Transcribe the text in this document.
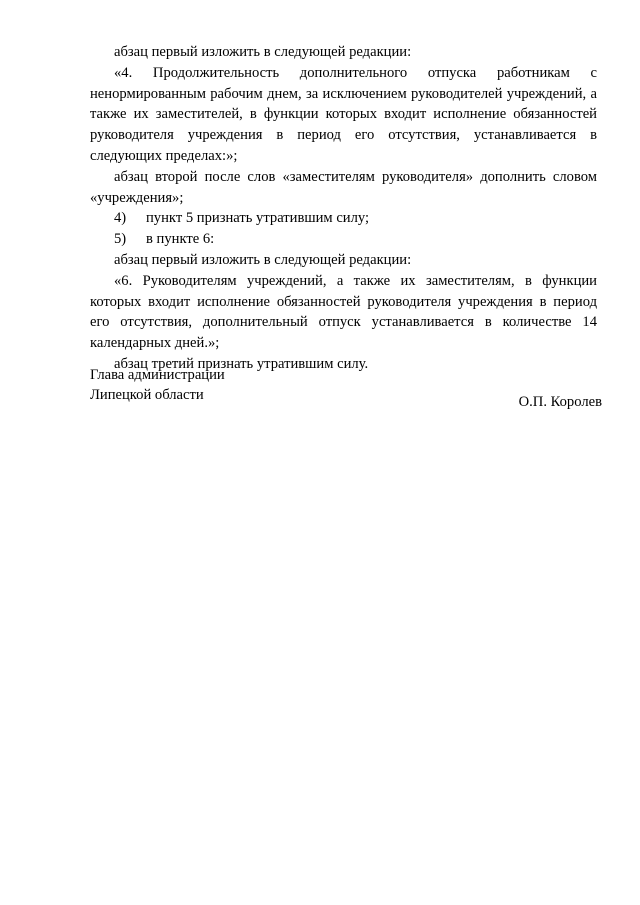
абзац первый изложить в следующей редакции:

«4. Продолжительность дополнительного отпуска работникам с ненормированным рабочим днем, за исключением руководителей учреждений, а также их заместителей, в функции которых входит исполнение обязанностей руководителя учреждения в период его отсутствия, устанавливается в следующих пределах:»;

абзац второй после слов «заместителям руководителя» дополнить словом «учреждения»;

4) пункт 5 признать утратившим силу;
5) в пункте 6:

абзац первый изложить в следующей редакции:

«6. Руководителям учреждений, а также их заместителям, в функции которых входит исполнение обязанностей руководителя учреждения в период его отсутствия, дополнительный отпуск устанавливается в количестве 14 календарных дней.»;

абзац третий признать утратившим силу.

Глава администрации
Липецкой области	О.П. Королев
